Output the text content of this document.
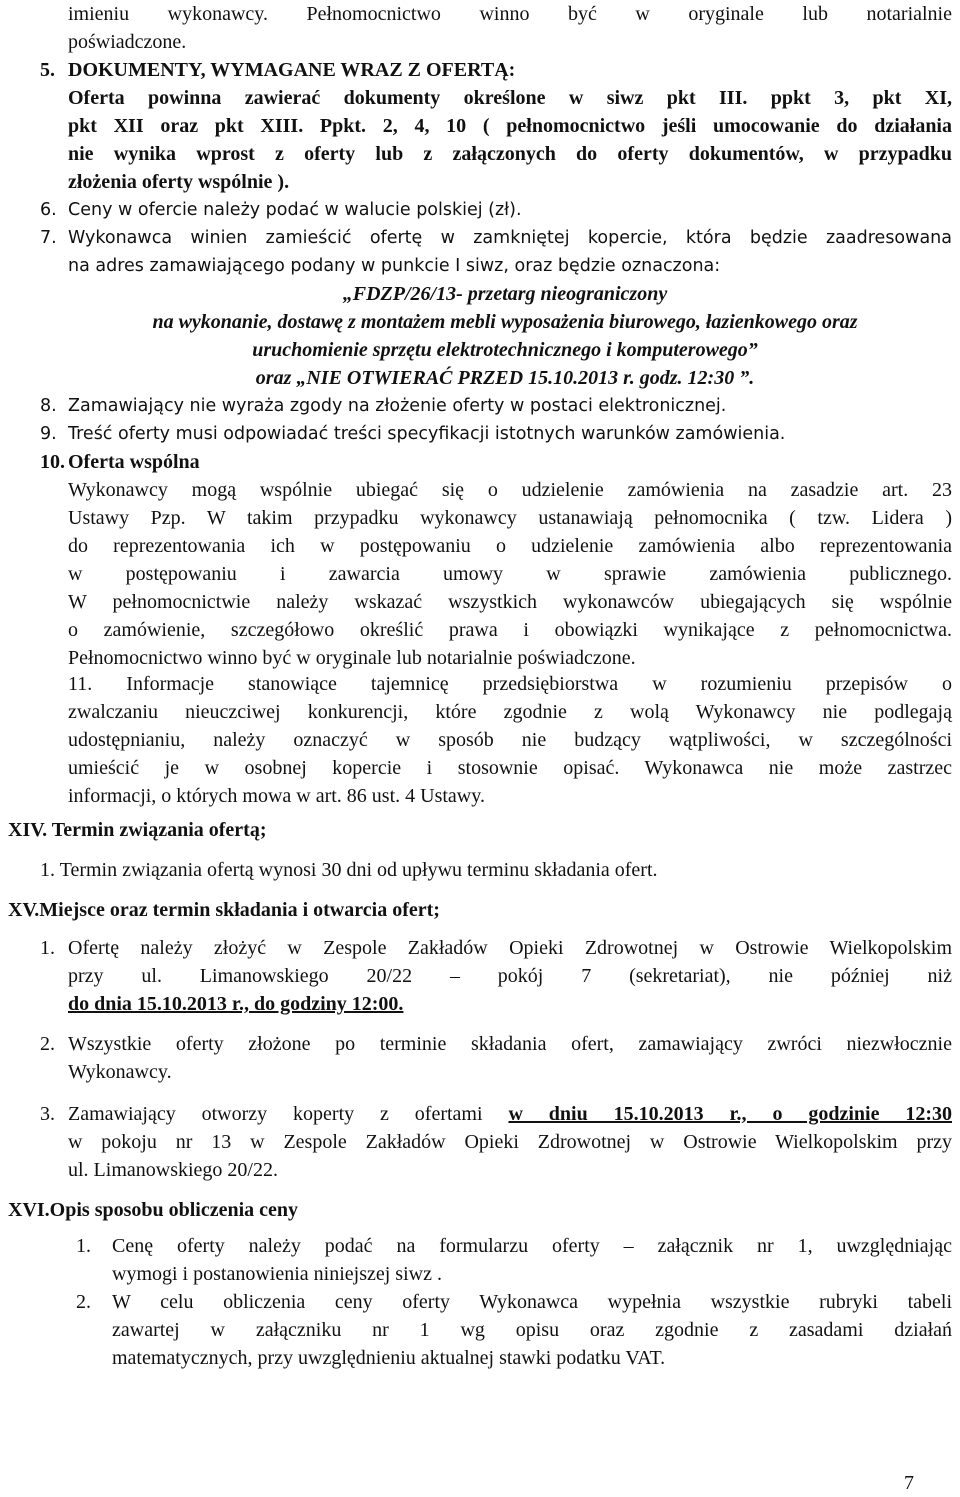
imieniu wykonawcy. Pełnomocnictwo winno być w oryginale lub notarialnie
poświadczone.
5. DOKUMENTY, WYMAGANE WRAZ Z OFERTĄ:
Oferta powinna zawierać dokumenty określone w siwz pkt III. ppkt 3, pkt XI,
pkt XII oraz pkt XIII. Ppkt. 2, 4, 10 ( pełnomocnictwo jeśli umocowanie do działania
nie wynika wprost z oferty lub z załączonych do oferty dokumentów, w przypadku
złożenia oferty wspólnie ).
6. Ceny w ofercie należy podać w walucie polskiej (zł).
7. Wykonawca winien zamieścić ofertę w zamkniętej kopercie, która będzie zaadresowana
na adres zamawiającego podany w punkcie I siwz, oraz będzie oznaczona:
„FDZP/26/13- przetarg nieograniczony
na wykonanie, dostawę z montażem mebli wyposażenia biurowego, łazienkowego oraz
uruchomienie sprzętu elektrotechnicznego i komputerowego”
oraz „NIE OTWIERAĆ PRZED 15.10.2013 r. godz. 12:30 ”.
8. Zamawiający nie wyraża zgody na złożenie oferty w postaci elektronicznej.
9. Treść oferty musi odpowiadać treści specyfikacji istotnych warunków zamówienia.
10. Oferta wspólna
Wykonawcy mogą wspólnie ubiegać się o udzielenie zamówienia na zasadzie art. 23
Ustawy Pzp. W takim przypadku wykonawcy ustanawiają pełnomocnika ( tzw. Lidera )
do reprezentowania ich w postępowaniu o udzielenie zamówienia albo reprezentowania
w postępowaniu i zawarcia umowy w sprawie zamówienia publicznego.
W pełnomocnictwie należy wskazać wszystkich wykonawców ubiegających się wspólnie
o zamówienie, szczegółowo określić prawa i obowiązki wynikające z pełnomocnictwa.
Pełnomocnictwo winno być w oryginale lub notarialnie poświadczone.
11. Informacje stanowiące tajemnicę przedsiębiorstwa w rozumieniu przepisów o
zwalczaniu nieuczciwej konkurencji, które zgodnie z wolą Wykonawcy nie podlegają
udostępnianiu, należy oznaczyć w sposób nie budzący wątpliwości, w szczególności
umieścić je w osobnej kopercie i stosownie opisać. Wykonawca nie może zastrzec
informacji, o których mowa w art. 86 ust. 4 Ustawy.
XIV. Termin związania ofertą;
1. Termin związania ofertą wynosi 30 dni od upływu terminu składania ofert.
XV.Miejsce oraz termin składania i otwarcia ofert;
1. Ofertę należy złożyć w Zespole Zakładów Opieki Zdrowotnej w Ostrowie Wielkopolskim
przy ul. Limanowskiego 20/22 – pokój 7 (sekretariat), nie później niż
do dnia 15.10.2013 r., do godziny 12:00.
2. Wszystkie oferty złożone po terminie składania ofert, zamawiający zwróci niezwłocznie
Wykonawcy.
3. Zamawiający otworzy koperty z ofertami w dniu 15.10.2013 r., o godzinie 12:30
w pokoju nr 13 w Zespole Zakładów Opieki Zdrowotnej w Ostrowie Wielkopolskim przy
ul. Limanowskiego 20/22.
XVI.Opis sposobu obliczenia ceny
1. Cenę oferty należy podać na formularzu oferty – załącznik nr 1, uwzględniając
wymogi i postanowienia niniejszej siwz .
2. W celu obliczenia ceny oferty Wykonawca wypełnia wszystkie rubryki tabeli
zawartej w załączniku nr 1 wg opisu oraz zgodnie z zasadami działań
matematycznych, przy uwzględnieniu aktualnej stawki podatku VAT.
7
